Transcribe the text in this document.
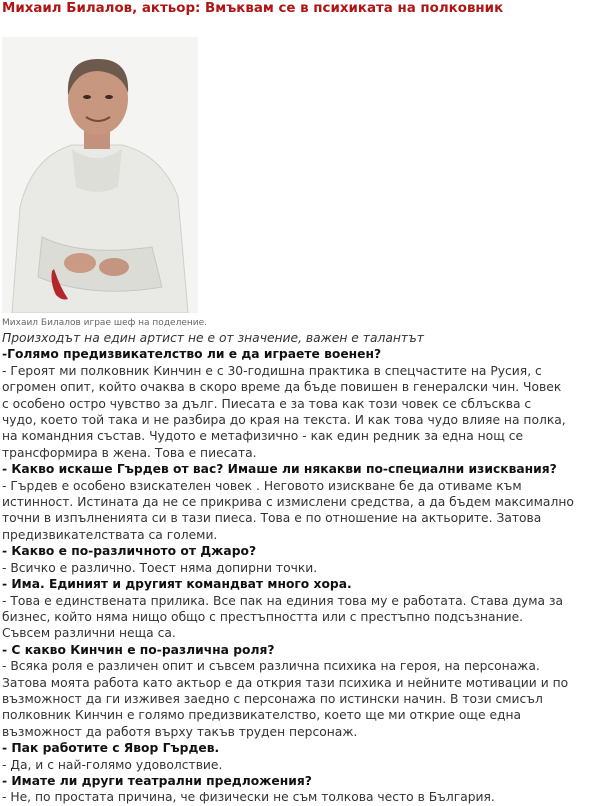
Михаил Билалов, актьор: Вмъквам се в психиката на полковник
Михаил Билалов играе шеф на поделение.
Произходът на един артист не е от значение, важен е талантът
-Голямо предизвикателство ли е да играете военен?
- Героят ми полковник Кинчин е с 30-годишна практика в спецчастите на Русия, с
огромен опит, който очаква в скоро време да бъде повишен в генералски чин. Човек
с особено остро чувство за дълг. Пиесата е за това как този човек се сблъсква с
чудо, което той така и не разбира до края на текста. И как това чудо влияе на полка,
на командния състав. Чудото е метафизично - как един редник за една нощ се
трансформира в жена. Това е пиесата.
- Какво искаше Гърдев от вас? Имаше ли някакви по-специални изисквания?
- Гърдев е особено взискателен човек . Неговото изискване бе да отиваме към
истинност. Истината да не се прикрива с измислени средства, а да бъдем максимално
точни в изпълненията си в тази пиеса. Това е по отношение на актьорите. Затова
предизвикателствата са големи.
- Какво е по-различното от Джаро?
- Всичко е различно. Тоест няма допирни точки.
- Има. Единият и другият командват много хора.
- Това е единствената прилика. Все пак на единия това му е работата. Става дума за
бизнес, който няма нищо общо с престъпността или с престъпно подсъзнание.
Съвсем различни неща са.
- С какво Кинчин е по-различна роля?
- Всяка роля е различен опит и съвсем различна психика на героя, на персонажа.
Затова моята работа като актьор е да открия тази психика и нейните мотивации и по
възможност да ги изживея заедно с персонажа по истински начин. В този смисъл
полковник Кинчин е голямо предизвикателство, което ще ми открие още една
възможност да работя върху такъв труден персонаж.
- Пак работите с Явор Гърдев.
- Да, и с най-голямо удоволствие.
- Имате ли други театрални предложения?
- Не, по простата причина, че физически не съм толкова често в България.
